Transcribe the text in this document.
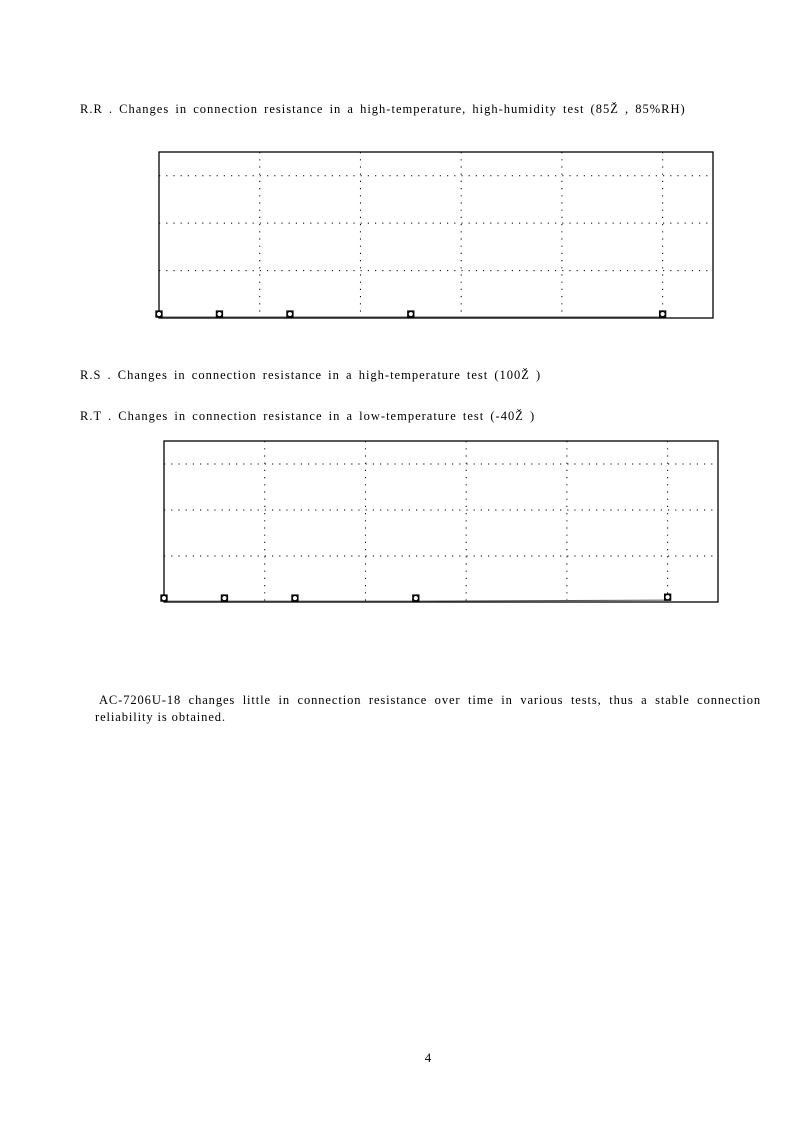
R.R . Changes in connection resistance in a high-temperature, high-humidity test (85Ž , 85%RH)
R.S . Changes in connection resistance in a high-temperature test (100Ž )
R.T . Changes in connection resistance in a low-temperature test (-40Ž )
AC-7206U-18 changes little in connection resistance over time in various tests, thus a stable connection reliability is obtained.
4
